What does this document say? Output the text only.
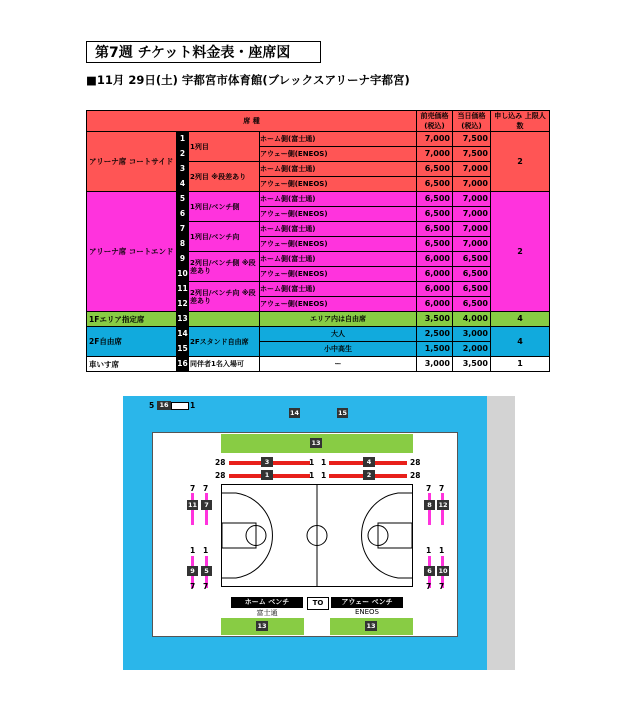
第7週 チケット料金表・座席図
■11月 29日(土) 宇都宮市体育館(ブレックスアリーナ宇都宮)
席 種				前売価格 (税込)	当日価格 (税込)	申し込み 上限人数
アリーナ席 コートサイド	1	1列目	ホーム側(富士通)	7,000	7,500	2
	2		アウェー側(ENEOS)	7,000	7,500	
	3	2列目 ※段差あり	ホーム側(富士通)	6,500	7,000	
	4		アウェー側(ENEOS)	6,500	7,000	
アリーナ席 コートエンド	5	1列目/ベンチ側	ホーム側(富士通)	6,500	7,000	2
	6		アウェー側(ENEOS)	6,500	7,000	
	7	1列目/ベンチ向	ホーム側(富士通)	6,500	7,000	
	8		アウェー側(ENEOS)	6,500	7,000	
	9	2列目/ベンチ側 ※段差あり	ホーム側(富士通)	6,000	6,500	
	10		アウェー側(ENEOS)	6,000	6,500	
	11	2列目/ベンチ向 ※段差あり	ホーム側(富士通)	6,000	6,500	
	12		アウェー側(ENEOS)	6,000	6,500	
1Fエリア指定席	13		エリア内は自由席	3,500	4,000	4
2F自由席	14	2Fスタンド自由席	大人	2,500	3,000	4
	15		小中高生	1,500	2,000	
車いす席	16	同伴者1名入場可	ー	3,000	3,500	1
5 16	1
14	15
13
28	3	1 1	4	28
28	1	1 1	2	28
7 7
11	7
7 7
8	12
1 1
9	5
7 7
1 1
6	10
7 7
ホーム ベンチ
富士通
TO	アウェー ベンチ
ENEOS
13	13
